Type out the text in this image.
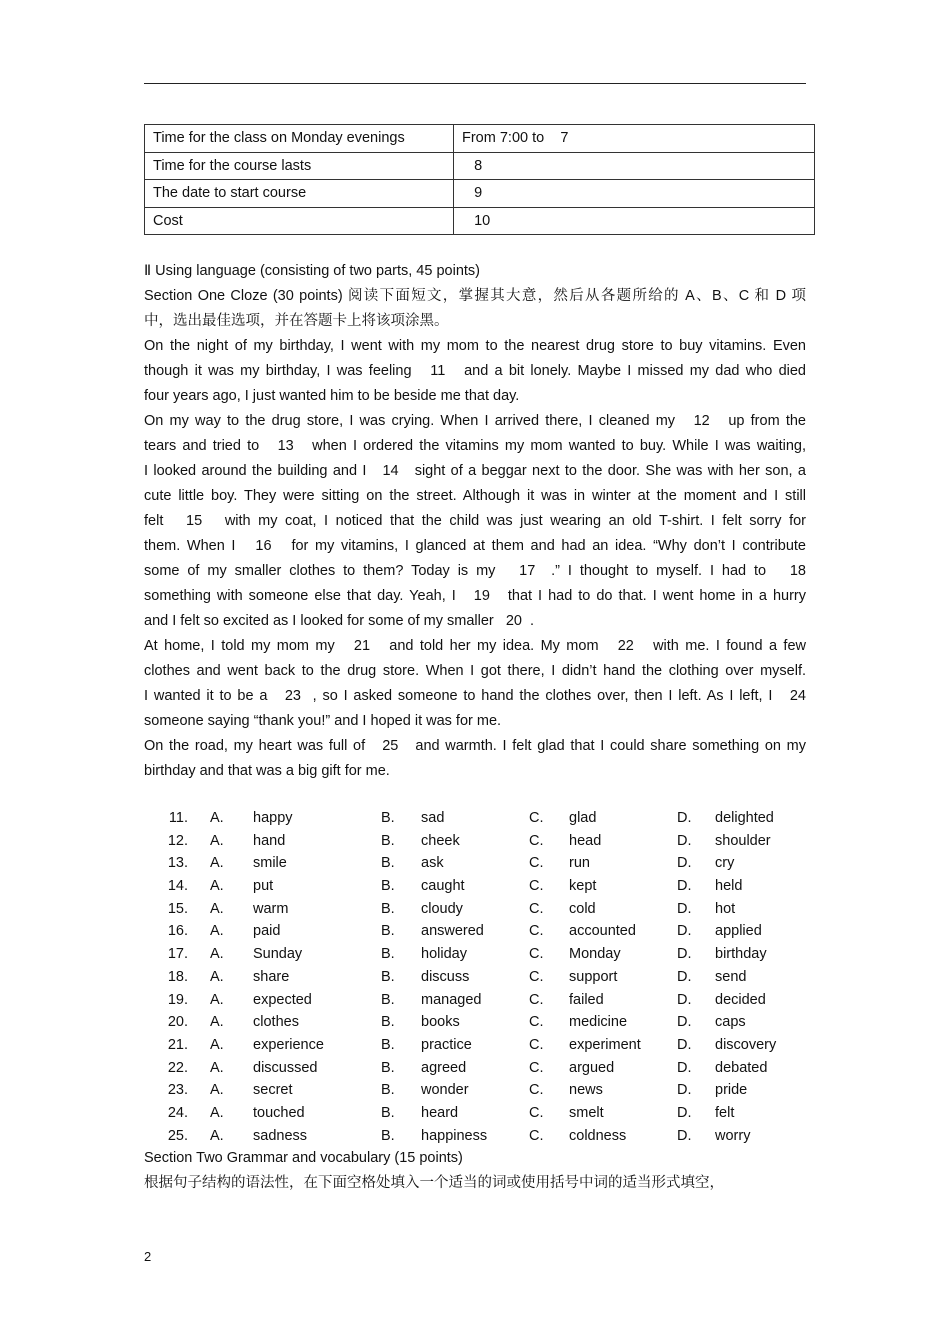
Time for the class on Monday evenings	From 7:00 to    7
Time for the course lasts	8
The date to start course	9
Cost	10
Ⅱ Using language (consisting of two parts, 45 points)
Section One Cloze (30 points) 阅读下面短文，掌握其大意，然后从各题所给的 A、B、C 和 D 项
中，选出最佳选项，并在答题卡上将该项涂黑。
On the night of my birthday, I went with my mom to the nearest drug store to buy vitamins. Even
though it was my birthday, I was feeling   11   and a bit lonely. Maybe I missed my dad who died
four years ago, I just wanted him to be beside me that day.
On my way to the drug store, I was crying. When I arrived there, I cleaned my   12   up from the
tears and tried to   13   when I ordered the vitamins my mom wanted to buy. While I was waiting,
I looked around the building and I   14   sight of a beggar next to the door. She was with her son, a
cute little boy. They were sitting on the street. Although it was in winter at the moment and I still
felt   15   with my coat, I noticed that the child was just wearing an old T-shirt. I felt sorry for
them. When I   16   for my vitamins, I glanced at them and had an idea. “Why don’t I contribute
some of my smaller clothes to them? Today is my   17  .” I thought to myself. I had to   18
something with someone else that day. Yeah, I   19   that I had to do that. I went home in a hurry
and I felt so excited as I looked for some of my smaller   20  .
At home, I told my mom my   21   and told her my idea. My mom   22   with me. I found a few
clothes and went back to the drug store. When I got there, I didn’t hand the clothing over myself.
I wanted it to be a   23  , so I asked someone to hand the clothes over, then I left. As I left, I   24
someone saying “thank you!” and I hoped it was for me.
On the road, my heart was full of   25   and warmth. I felt glad that I could share something on my
birthday and that was a big gift for me.
11. A. happy	B. sad	C. glad	D. delighted
12. A. hand	B. cheek	C. head	D. shoulder
13. A. smile	B. ask	C. run	D. cry
14. A. put	B. caught	C. kept	D. held
15. A. warm	B. cloudy	C. cold	D. hot
16. A. paid	B. answered	C. accounted	D. applied
17. A. Sunday	B. holiday	C. Monday	D. birthday
18. A. share	B. discuss	C. support	D. send
19. A. expected	B. managed	C. failed	D. decided
20. A. clothes	B. books	C. medicine	D. caps
21. A. experience	B. practice	C. experiment	D. discovery
22. A. discussed	B. agreed	C. argued	D. debated
23. A. secret	B. wonder	C. news	D. pride
24. A. touched	B. heard	C. smelt	D. felt
25. A. sadness	B. happiness	C. coldness	D. worry
Section Two Grammar and vocabulary (15 points)
根据句子结构的语法性，在下面空格处填入一个适当的词或使用括号中词的适当形式填空，
2
